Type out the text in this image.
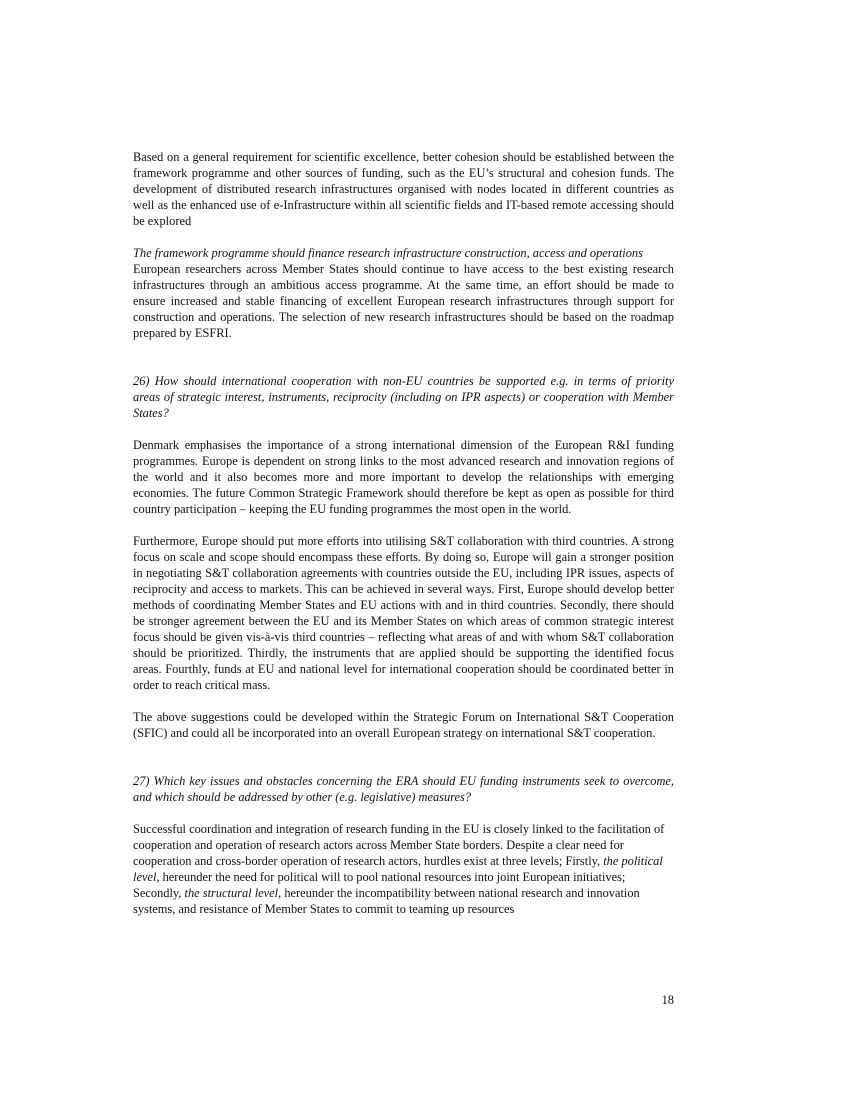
Based on a general requirement for scientific excellence, better cohesion should be established between the framework programme and other sources of funding, such as the EU’s structural and cohesion funds. The development of distributed research infrastructures organised with nodes located in different countries as well as the enhanced use of e-Infrastructure within all scientific fields and IT-based remote accessing should be explored

The framework programme should finance research infrastructure construction, access and operations

European researchers across Member States should continue to have access to the best existing research infrastructures through an ambitious access programme. At the same time, an effort should be made to ensure increased and stable financing of excellent European research infrastructures through support for construction and operations. The selection of new research infrastructures should be based on the roadmap prepared by ESFRI.

26) How should international cooperation with non-EU countries be supported e.g. in terms of priority areas of strategic interest, instruments, reciprocity (including on IPR aspects) or cooperation with Member States?

Denmark emphasises the importance of a strong international dimension of the European R&I funding programmes. Europe is dependent on strong links to the most advanced research and innovation regions of the world and it also becomes more and more important to develop the relationships with emerging economies. The future Common Strategic Framework should therefore be kept as open as possible for third country participation – keeping the EU funding programmes the most open in the world.

Furthermore, Europe should put more efforts into utilising S&T collaboration with third countries. A strong focus on scale and scope should encompass these efforts. By doing so, Europe will gain a stronger position in negotiating S&T collaboration agreements with countries outside the EU, including IPR issues, aspects of reciprocity and access to markets. This can be achieved in several ways. First, Europe should develop better methods of coordinating Member States and EU actions with and in third countries. Secondly, there should be stronger agreement between the EU and its Member States on which areas of common strategic interest focus should be given vis-à-vis third countries – reflecting what areas of and with whom S&T collaboration should be prioritized. Thirdly, the instruments that are applied should be supporting the identified focus areas. Fourthly, funds at EU and national level for international cooperation should be coordinated better in order to reach critical mass.

The above suggestions could be developed within the Strategic Forum on International S&T Cooperation (SFIC) and could all be incorporated into an overall European strategy on international S&T cooperation.

27) Which key issues and obstacles concerning the ERA should EU funding instruments seek to overcome, and which should be addressed by other (e.g. legislative) measures?

Successful coordination and integration of research funding in the EU is closely linked to the facilitation of cooperation and operation of research actors across Member State borders. Despite a clear need for cooperation and cross-border operation of research actors, hurdles exist at three levels; Firstly, the political level, hereunder the need for political will to pool national resources into joint European initiatives; Secondly, the structural level, hereunder the incompatibility between national research and innovation systems, and resistance of Member States to commit to teaming up resources

18
